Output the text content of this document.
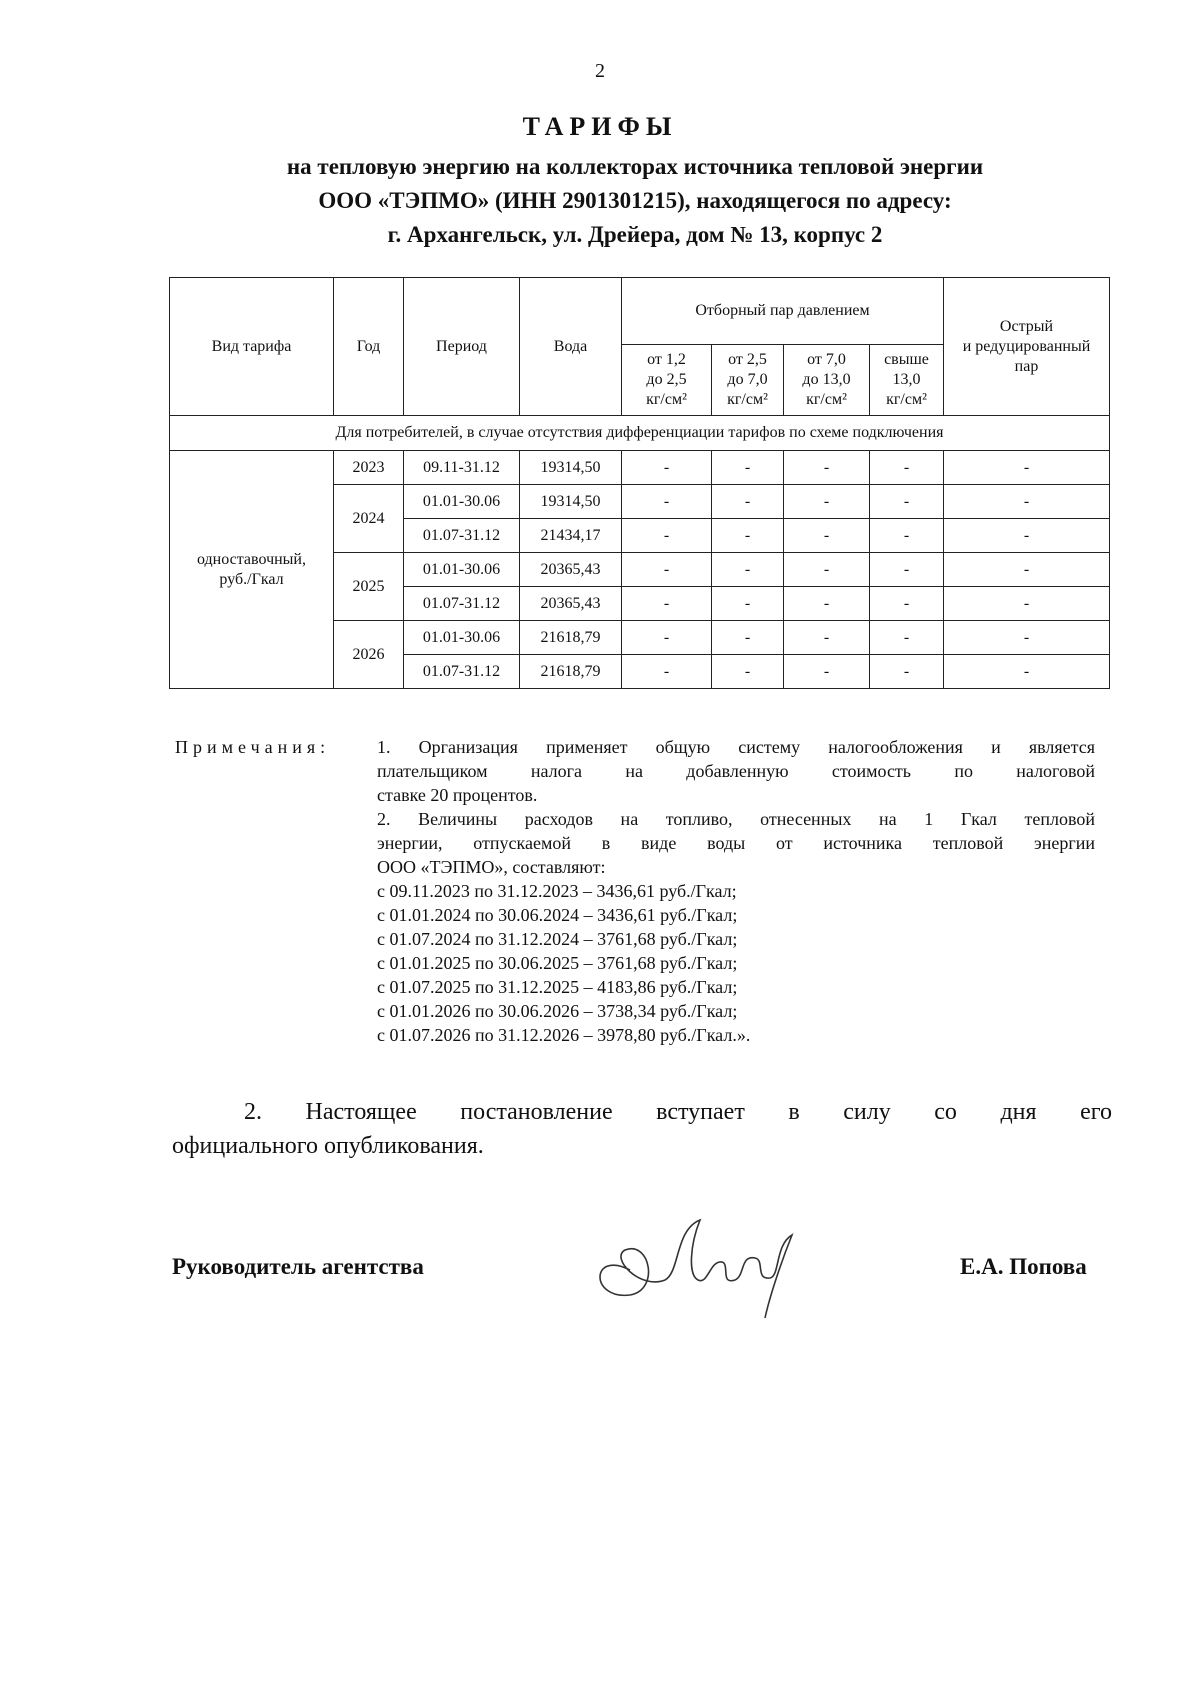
2
ТАРИФЫ
на тепловую энергию на коллекторах источника тепловой энергии
ООО «ТЭПМО» (ИНН 2901301215), находящегося по адресу:
г. Архангельск, ул. Дрейера, дом № 13, корпус 2
Вид тарифа	Год	Период	Вода	Отборный пар давлением				Острый
и редуцированный
пар
				от 1,2
до 2,5
кг/см²	от 2,5
до 7,0
кг/см²	от 7,0
до 13,0
кг/см²	свыше
13,0
кг/см²	
Для потребителей, в случае отсутствия дифференциации тарифов по схеме подключения								
одноставочный,
руб./Гкал	2023	09.11-31.12	19314,50	-	-	-	-	-
	2024	01.01-30.06	19314,50	-	-	-	-	-
		01.07-31.12	21434,17	-	-	-	-	-
	2025	01.01-30.06	20365,43	-	-	-	-	-
		01.07-31.12	20365,43	-	-	-	-	-
	2026	01.01-30.06	21618,79	-	-	-	-	-
		01.07-31.12	21618,79	-	-	-	-	-
Примечания:	1. Организация применяет общую систему налогообложения и является
плательщиком налога на добавленную стоимость по налоговой
ставке 20 процентов.
2. Величины расходов на топливо, отнесенных на 1 Гкал тепловой
энергии, отпускаемой в виде воды от источника тепловой энергии
ООО «ТЭПМО», составляют:
с 09.11.2023 по 31.12.2023 – 3436,61 руб./Гкал;
с 01.01.2024 по 30.06.2024 – 3436,61 руб./Гкал;
с 01.07.2024 по 31.12.2024 – 3761,68 руб./Гкал;
с 01.01.2025 по 30.06.2025 – 3761,68 руб./Гкал;
с 01.07.2025 по 31.12.2025 – 4183,86 руб./Гкал;
с 01.01.2026 по 30.06.2026 – 3738,34 руб./Гкал;
с 01.07.2026 по 31.12.2026 – 3978,80 руб./Гкал.».
2. Настоящее постановление вступает в силу со дня его
официального опубликования.
Руководитель агентства	Е.А. Попова
